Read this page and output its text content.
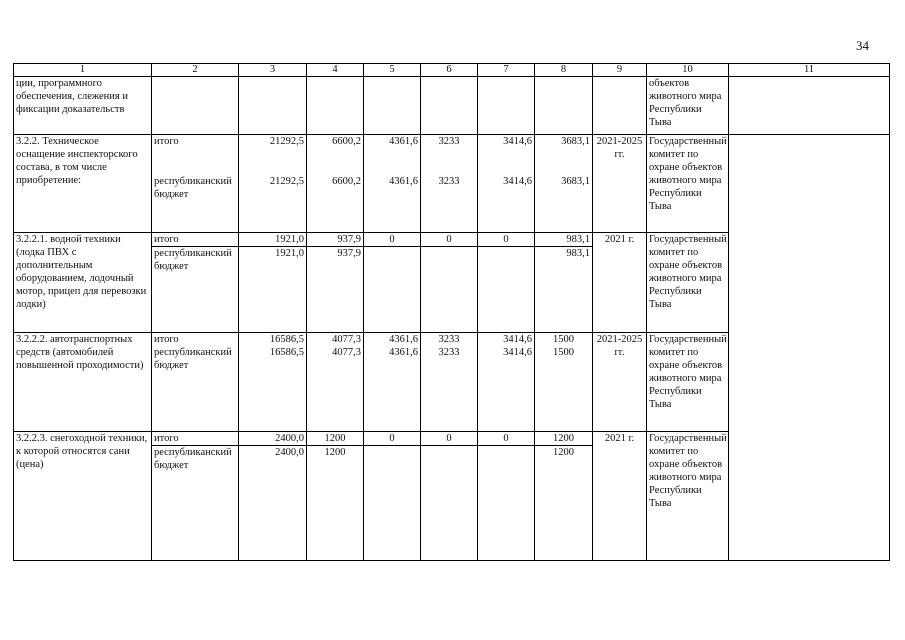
34
1	2	3	4	5	6	7	8	9	10	11
ции, программного обеспечения, слежения и фиксации доказательств									объектов животного мира Республики Тыва	
3.2.2. Техническое оснащение инспекторского состава, в том числе приобретение:	итого	21292,5	6600,2	4361,6	3233	3414,6	3683,1	2021-2025 гг.	Государственный комитет по охране объектов животного мира Республики Тыва	
	республиканский бюджет	21292,5	6600,2	4361,6	3233	3414,6	3683,1			
3.2.2.1. водной техники (лодка ПВХ с дополнительным оборудованием, лодочный мотор, прицеп для перевозки лодки)	итого	1921,0	937,9	0	0	0	983,1	2021 г.	Государственный комитет по охране объектов животного мира Республики Тыва	
	республиканский бюджет	1921,0	937,9				983,1			
3.2.2.2. автотранспортных средств (автомобилей повышенной проходимости)	итого	16586,5	4077,3	4361,6	3233	3414,6	1500	2021-2025 гг.	Государственный комитет по охране объектов животного мира Республики Тыва	
	республиканский бюджет	16586,5	4077,3	4361,6	3233	3414,6	1500			
3.2.2.3. снегоходной техники, к которой относятся сани (цена)	итого	2400,0	1200	0	0	0	1200	2021 г.	Государственный комитет по охране объектов животного мира Республики Тыва	
	республиканский бюджет	2400,0	1200				1200			
